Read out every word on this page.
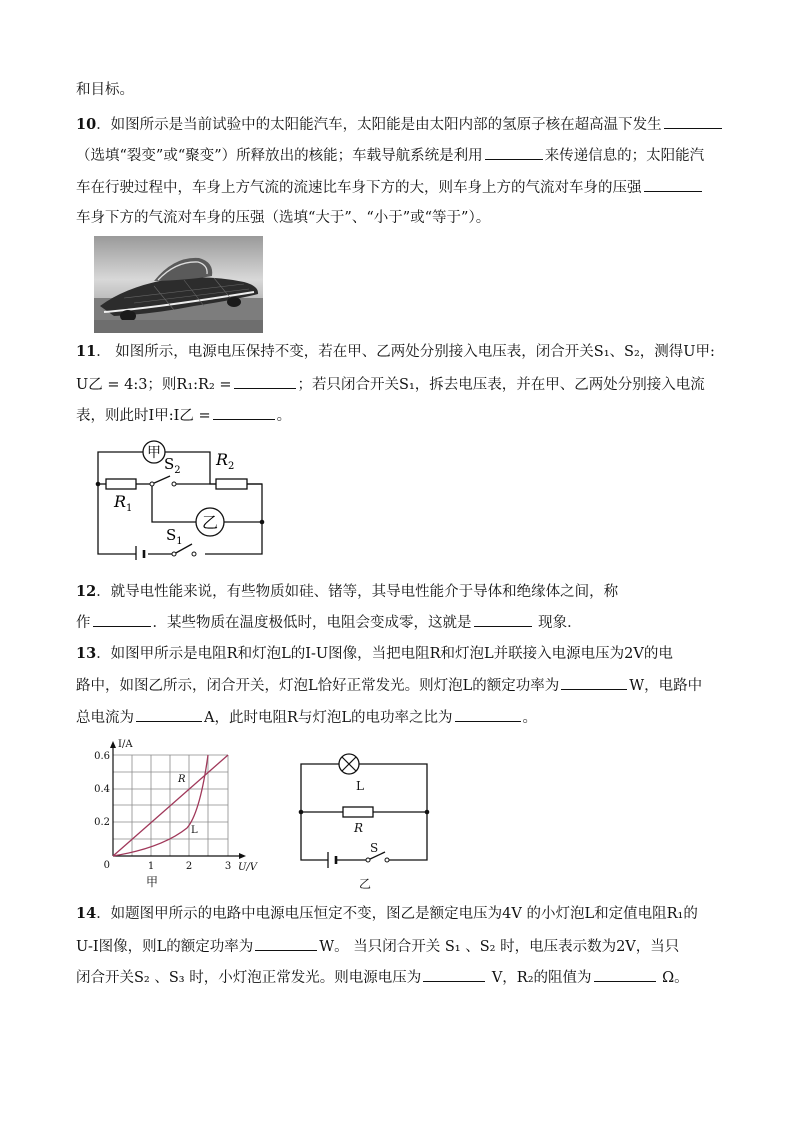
和目标。
10．如图所示是当前试验中的太阳能汽车，太阳能是由太阳内部的氢原子核在超高温下发生
（选填“裂变”或“聚变”）所释放出的核能；车载导航系统是利用	来传递信息的；太阳能汽
车在行驶过程中，车身上方气流的流速比车身下方的大，则车身上方的气流对车身的压强
车身下方的气流对车身的压强（选填“大于”、“小于”或“等于”）。
11． 如图所示，电源电压保持不变，若在甲、乙两处分别接入电压表，闭合开关S₁、S₂，测得U甲:
U乙 = 4:3；则R₁:R₂ =	；若只闭合开关S₁，拆去电压表，并在甲、乙两处分别接入电流
表，则此时I甲:I乙 =	。
甲
乙
$S_2$
$R_2$
$R_1$
$S_1$
12．就导电性能来说，有些物质如硅、锗等，其导电性能介于导体和绝缘体之间，称
作	．某些物质在温度极低时，电阻会变成零，这就是	现象．
13．如图甲所示是电阻R和灯泡L的I-U图像，当把电阻R和灯泡L并联接入电源电压为2V的电
路中，如图乙所示，闭合开关，灯泡L恰好正常发光。则灯泡L的额定功率为	W，电路中
总电流为	A，此时电阻R与灯泡L的电功率之比为	。
I/A
U/V
0
0.2
0.4
0.6
1	2	3
R
L
甲
L
R
S
乙
14．如题图甲所示的电路中电源电压恒定不变，图乙是额定电压为4V 的小灯泡L和定值电阻R₁的
U-I图像，则L的额定功率为	W。 当只闭合开关 S₁ 、S₂ 时，电压表示数为2V，当只
闭合开关S₂ 、S₃ 时，小灯泡正常发光。则电源电压为	V，R₂的阻值为	Ω。
